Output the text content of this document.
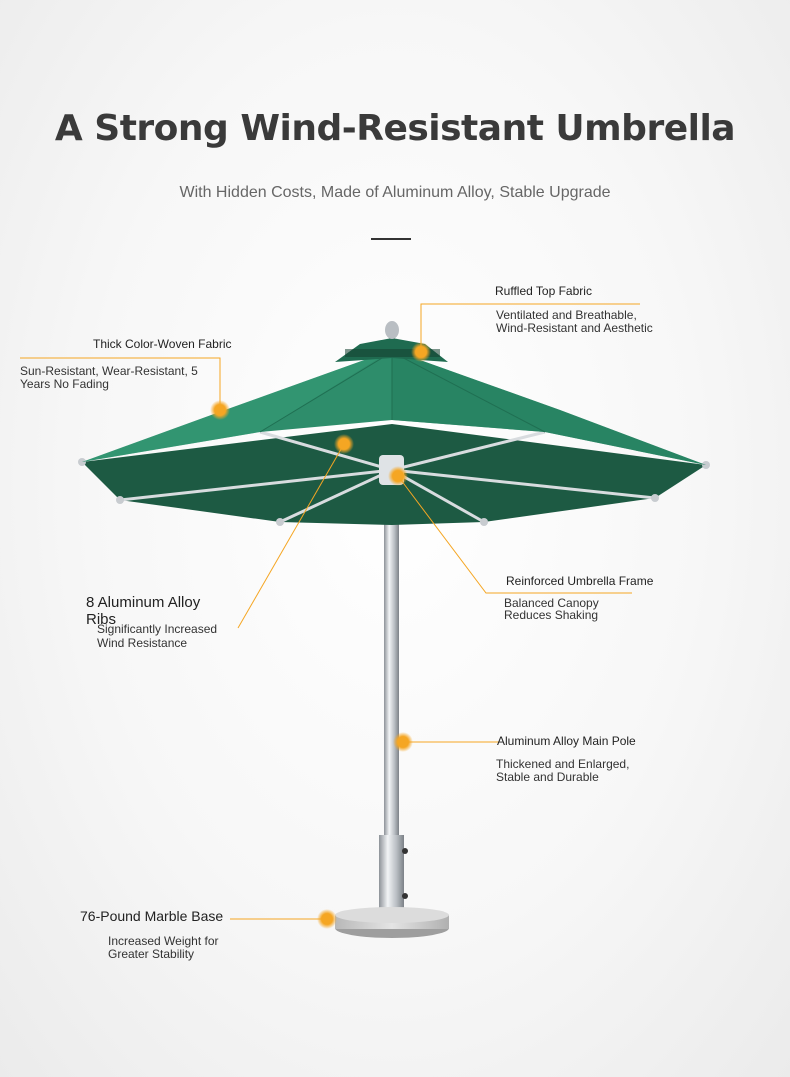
A Strong Wind-Resistant Umbrella
With Hidden Costs, Made of Aluminum Alloy, Stable Upgrade
Ruffled Top Fabric
Ventilated and Breathable,
Wind-Resistant and Aesthetic
Thick Color-Woven Fabric
Sun-Resistant, Wear-Resistant, 5
Years No Fading
8 Aluminum Alloy
Ribs
Significantly Increased
Wind Resistance
Reinforced Umbrella Frame
Balanced Canopy
Reduces Shaking
Aluminum Alloy Main Pole
Thickened and Enlarged,
Stable and Durable
76-Pound Marble Base
Increased Weight for
Greater Stability
